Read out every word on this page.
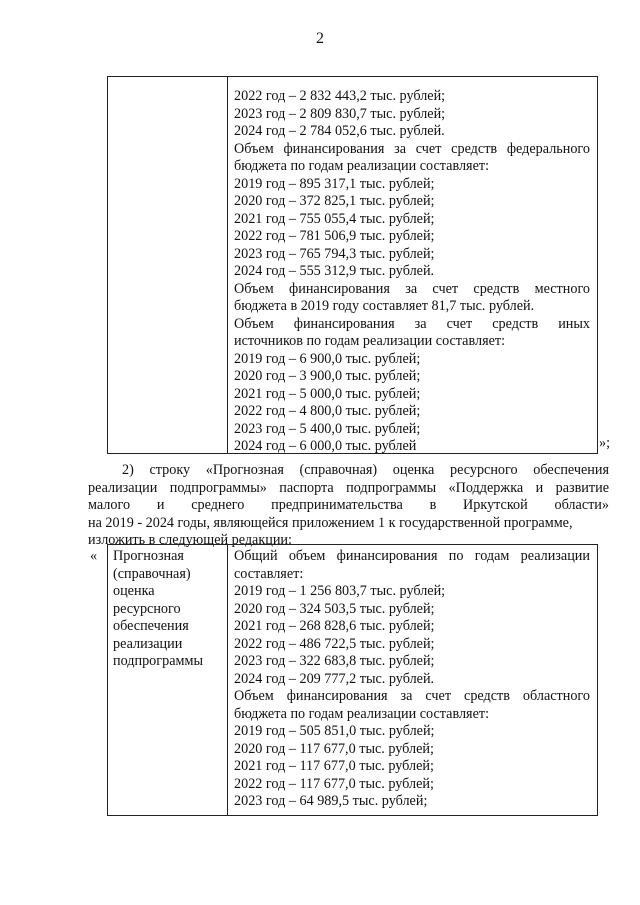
2
2022 год – 2 832 443,2 тыс. рублей;
2023 год – 2 809 830,7 тыс. рублей;
2024 год – 2 784 052,6 тыс. рублей.
Объем финансирования за счет средств федерального
бюджета по годам реализации составляет:
2019 год – 895 317,1 тыс. рублей;
2020 год – 372 825,1 тыс. рублей;
2021 год – 755 055,4 тыс. рублей;
2022 год – 781 506,9 тыс. рублей;
2023 год – 765 794,3 тыс. рублей;
2024 год – 555 312,9 тыс. рублей.
Объем финансирования за счет средств местного
бюджета в 2019 году составляет 81,7 тыс. рублей.
Объем финансирования за счет средств иных
источников по годам реализации составляет:
2019 год – 6 900,0 тыс. рублей;
2020 год – 3 900,0 тыс. рублей;
2021 год – 5 000,0 тыс. рублей;
2022 год – 4 800,0 тыс. рублей;
2023 год – 5 400,0 тыс. рублей;
2024 год – 6 000,0 тыс. рублей	»;
2) строку «Прогнозная (справочная) оценка ресурсного обеспечения
реализации подпрограммы» паспорта подпрограммы «Поддержка и развитие
малого и среднего предпринимательства в Иркутской области»
на 2019 - 2024 годы, являющейся приложением 1 к государственной программе,
изложить в следующей редакции:
« Прогнозная
(справочная)
оценка
ресурсного
обеспечения
реализации
подпрограммы
Общий объем финансирования по годам реализации
составляет:
2019 год – 1 256 803,7 тыс. рублей;
2020 год – 324 503,5 тыс. рублей;
2021 год – 268 828,6 тыс. рублей;
2022 год – 486 722,5 тыс. рублей;
2023 год – 322 683,8 тыс. рублей;
2024 год – 209 777,2 тыс. рублей.
Объем финансирования за счет средств областного
бюджета по годам реализации составляет:
2019 год – 505 851,0 тыс. рублей;
2020 год – 117 677,0 тыс. рублей;
2021 год – 117 677,0 тыс. рублей;
2022 год – 117 677,0 тыс. рублей;
2023 год – 64 989,5 тыс. рублей;
